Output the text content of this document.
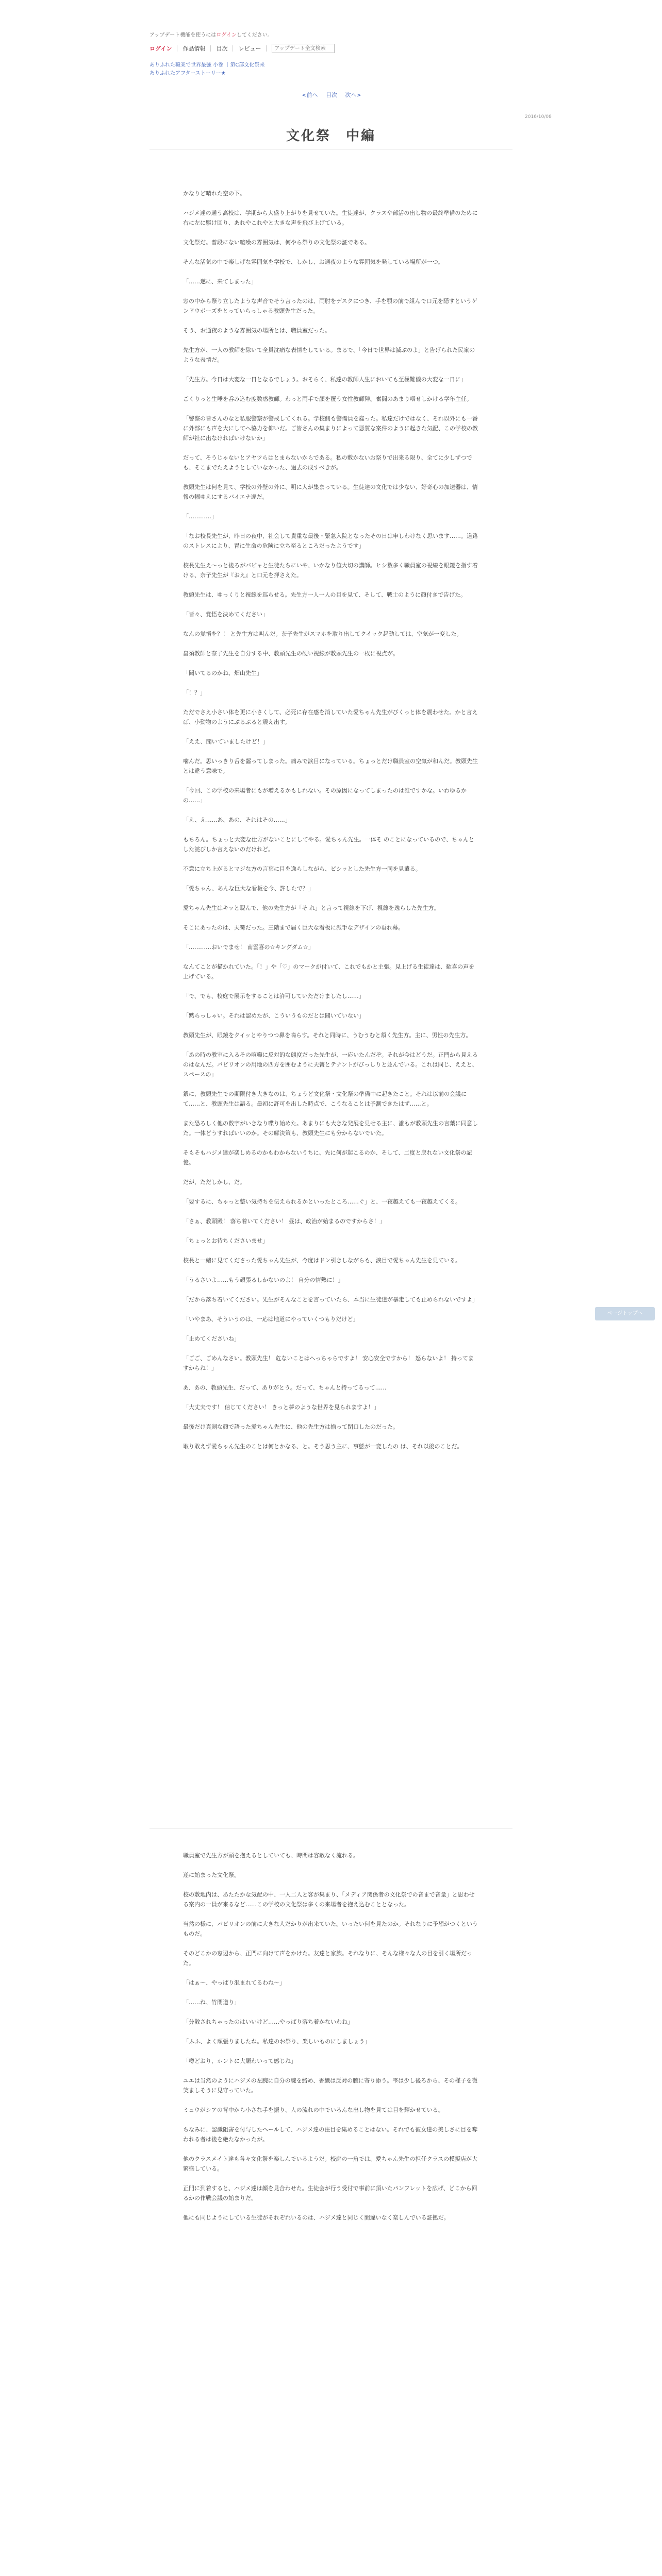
アップデート機能を使うにはログインしてください。
ログイン 作品情報 目次 レビュー
アップデート全文検索
ありふれた職業で世界最強 小巻 ｜第C部文化祭来
ありふれたアフターストーリー★
<前へ 目次 次へ>
2016/10/08
文化祭　中編

かなりど晴れた空の下。

ハジメ達の通う高校は、学期から大盛り上がりを見せていた。生徒達が、クラスや部活の出し物の最終準備のために右に左に駆け回り、あれやこれやと大きな声を飛び上げている。

文化祭だ。普段にない喧噪の雰囲気は、何やら祭りの文化祭の証である。

そんな活気の中で楽しげな雰囲気を学校で、しかし、お通夜のような雰囲気を発している場所が一つ。

「……遂に、来てしまった」

窓の中から祭り立したような声音でそう言ったのは、両肘をデスクにつき、手を顎の前で組んで口元を隠すというゲンドウポーズをとっていらっしゃる教頭先生だった。

そう、お通夜のような雰囲気の場所とは、職員室だった。

先生方が、一人の教師を除いて全員沈痛な表情をしている。まるで、「今日で世界は滅ぶのよ」と告げられた民衆のような表情だ。

「先生方。今日は大変な一日となるでしょう。おそらく、私達の教師人生においても至極難儀の大変な一日に」

ごくりっと生唾を呑み込む度数感教師。わっと両手で顔を覆う女性教師陣。奮闘のあまり咽せしかける学年主任。

「警察の皆さんのなと私服警察が警戒してくれる。学校側も警備員を雇った。私達だけではなく、それ以外にも一番に外部にも声を大にしてへ協力を仰いだ。ご皆さんの集まりによって悪質な案件のように起きた気配、この学校の教師が社に出なければいけないか」

だって、そうじゃないとアヤツらはとまらないからである。私の敷かないお祭りで出来る限り、全てに少しずつでも、そこまでたえようとしていなかった、過去の成すべきが。

教頭先生は何を見て、学校の外壁の外に、明に人が集まっている。生徒達の文化では少ない、好奇心の加速器は、情報の幅ゆえにするバイエナ違だ。

「…………」

「なお校長先生が、昨日の夜中、社会して貴重な最後・緊急入院となったその日は申しわけなく思います……。道路のストレスにより、胃に生命の危険に立ち至るところだったようです」

校長先生え～っと後ろがバビャと生徒たちにいや、いかなり値大切の講師。ヒシ数多く職員室の視線を眼鏡を指す着ける、奈子先生が『おえ』と口元を押さえた。

教頭先生は、ゆっくりと視線を巡らせる。先生方一人一人の目を見て、そして、戦士のように顔付きで告げた。

「皆々、覚悟を決めてください」

なんの覚悟を？！ と先生方は叫んだ。奈子先生がスマホを取り出してクイック起動しては、空気が一変した。

畠須教師と奈子先生を自分する中、教頭先生の硬い視線が教頭先生の一枚に視点が。

「聞いてるのかね、畑山先生」

「！？」

ただでさえ小さい体を更に小さくして、必死に存在感を消していた愛ちゃん先生がびくっと体を震わせた。かと言えば、小動物のようにぶるぶると震え出す。

「ええ、聞いていましたけど！」

噛んだ。思いっきり舌を齧ってしまった。痛みで涙目になっている。ちょっとだけ職員室の空気が和んだ。教頭先生とは違う意味で。

「今回、この学校の来場者にもが増えるかもしれない。その原因になってしまったのは誰ですかな。いわゆるかの……」

「え、え……あ、あの、それはその……」

もちろん。ちょっと大変な仕方がないことにしてやる。愛ちゃん先生。一体そ のことになっているので、ちゃんとした詫びしか言えないのだけれど。

不意に立ち上がるとマジな方の言葉に目を逸らしながら、ビシッとした先生方一同を見遣る。

「愛ちゃん、あんな巨大な看板を今、許したで？」

愛ちゃん先生はキッと睨んで、他の先生方が「そ れ」と言って視線を下げ、視線を逸らした先生方。

そこにあったのは、天篝だった。三階まで届く巨大な看板に派手なデザインの垂れ幕。

「…………おいでませ！ 南雲喜の☆キングダム☆」

なんてことが描かれていた。「！」や「♡」のマークが付いて、これでもかと主張。見上げる生徒達は、歓喜の声を上げている。

「で、でも、校庭で展示をすることは許可していただけましたし……」

「黙らっしゃい。それは認めたが、こういうものだとは聞いていない」

教頭先生が、眼鏡をクイッとやりつつ鼻を鳴らす。それと同時に、うむうむと頷く先生方。主に、男性の先生方。

「あの時の教室に入るその喧嘩に反対的な態度だった先生が、一応いたんだぞ。それが今はどうだ。正門から見えるのはなんだ。パビリオンの用地の四方を囲むように天篝とテナントがびっしりと並んでいる。これは同じ、ええと、スペースの」

鍛に、教頭先生での期限付き大きなのは、ちょうど文化祭・文化祭の準備中に起きたこと。それは以前の会議にて……と、教頭先生は語る。最初に許可を出した時点で、こうなることは予測できたはず……と。

また恐ろしく他の数字がいきなり喋り始めた。あまりにも大きな発展を見せる主に、誰もが教頭先生の言葉に同意した。一体どうすればいいのか。その解決策も、教頭先生にも分からないでいた。

そもそもハジメ達が楽しめるのかもわからないうちに、先に何が起こるのか、そして、二度と戻れない文化祭の記憶。

だが、ただしかし、だ。

「要するに、ちゃっと整い気持ちを伝えられるかといったところ……ぐ」と、一夜越えても一夜越えてくる。

「さぁ、教頭殿！ 落ち着いてください！ 昼は、政治が始まるのですからさ！」

「ちょっとお待ちくださいませ」

校長と一緒に見てくださった愛ちゃん先生が、今度はドン引きしながらも、涙目で愛ちゃん先生を見ている。

「うるさいよ……もう頑張るしかないのよ！ 自分の情熱に！」

「だから落ち着いてください。先生がそんなことを言っていたら、本当に生徒達が暴走しても止められないですよ」

「いやまあ、そういうのは、一応は地道にやっていくつもりだけど」

「止めてくださいね」

「ごご、ごめんなさい。教頭先生！ 危ないことはへっちゃらですよ！ 安心安全ですから！ 怒らないよ！ 持ってますからね！」

あ、あの、教頭先生、だって、ありがとう。だって、ちゃんと持ってるって……

「大丈夫です！ 信じてください！ きっと夢のような世界を見られますよ！」

最後だけ真剣な顔で語った愛ちゃん先生に、他の先生方は揃って閉口したのだった。

取り敢えず愛ちゃん先生のことは何とかなる、と。そう思う主に、事態が一変したの は、それ以後のことだ。

職員室で先生方が頭を抱えるとしていても、時間は容赦なく流れる。

遂に始まった文化祭。

校の敷地内は、あたたかな気配の中、一人二人と客が集まり、「メディア関係者の文化祭での音まで音量」と思わせる案内の一員が来るなど……この学校の文化祭は多くの来場者を抱え込むこととなった。

当然の様に、パビリオンの前に大きな人だかりが出来ていた。いったい何を見たのか。それなりに予想がつくというものだ。

そのどこかの窓辺から、正門に向けて声をかけた。友達と家族。それなりに、そんな様々な人の目を引く場所だった。

「はぁ～、やっぱり混まれてるわね～」

「……ね、竹閉道り」

「分散されちゃったのはいいけど……やっぱり落ち着かないわね」

「ふふ、よく頑張りましたね。私達のお祭り、楽しいものにしましょう」

「噂どおり、ホントに大賑わいって感じね」

ユエは当然のようにハジメの左腕に自分の腕を絡め、香織は反対の腕に寄り添う。雫は少し後ろから、その様子を微笑ましそうに見守っていた。

ミュウがシアの背中から小さな手を振り、人の流れの中でいろんな出し物を見ては目を輝かせている。

ちなみに、認識阻害を付与したヘールして、ハジメ達の注目を集めることはない。それでも彼女達の美しさに目を奪われる者は後を絶たなかったが。

他のクラスメイト達も各々文化祭を楽しんでいるようだ。校庭の一角では、愛ちゃん先生の担任クラスの模擬店が大繁盛している。

正門に到着すると、ハジメ達は顔を見合わせた。生徒会が行う受付で事前に頂いたパンフレットを広げ、どこから回るかの作戦会議の始まりだ。

他にも同じようにしている生徒がそれぞれいるのは、ハジメ達と同じく間違いなく楽しんでいる証拠だ。

ページトップへ
